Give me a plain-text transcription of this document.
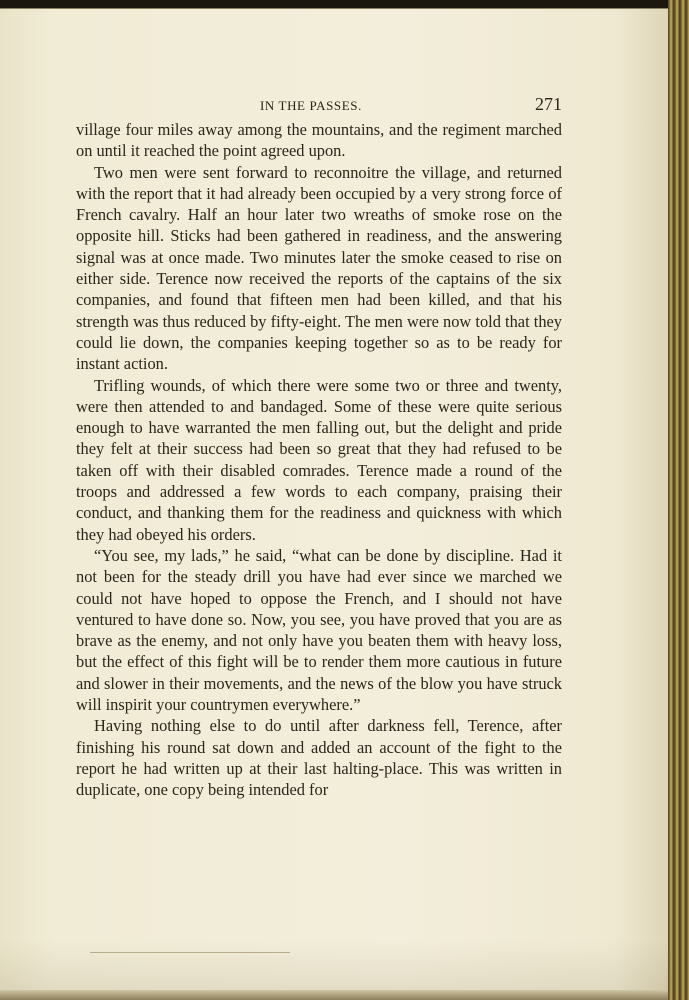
IN THE PASSES.	271

village four miles away among the mountains, and the regiment marched on until it reached the point agreed upon.

Two men were sent forward to reconnoitre the village, and returned with the report that it had already been occupied by a very strong force of French cavalry. Half an hour later two wreaths of smoke rose on the opposite hill. Sticks had been gathered in readiness, and the answering signal was at once made. Two minutes later the smoke ceased to rise on either side. Terence now received the reports of the captains of the six companies, and found that fifteen men had been killed, and that his strength was thus reduced by fifty-eight. The men were now told that they could lie down, the companies keeping together so as to be ready for instant action.

Trifling wounds, of which there were some two or three and twenty, were then attended to and bandaged. Some of these were quite serious enough to have warranted the men falling out, but the delight and pride they felt at their success had been so great that they had refused to be taken off with their disabled comrades. Terence made a round of the troops and addressed a few words to each company, praising their conduct, and thanking them for the readiness and quickness with which they had obeyed his orders.

“You see, my lads,” he said, “what can be done by discipline. Had it not been for the steady drill you have had ever since we marched we could not have hoped to oppose the French, and I should not have ventured to have done so. Now, you see, you have proved that you are as brave as the enemy, and not only have you beaten them with heavy loss, but the effect of this fight will be to render them more cautious in future and slower in their movements, and the news of the blow you have struck will inspirit your countrymen everywhere.”

Having nothing else to do until after darkness fell, Terence, after finishing his round sat down and added an account of the fight to the report he had written up at their last halting-place. This was written in duplicate, one copy being intended for
